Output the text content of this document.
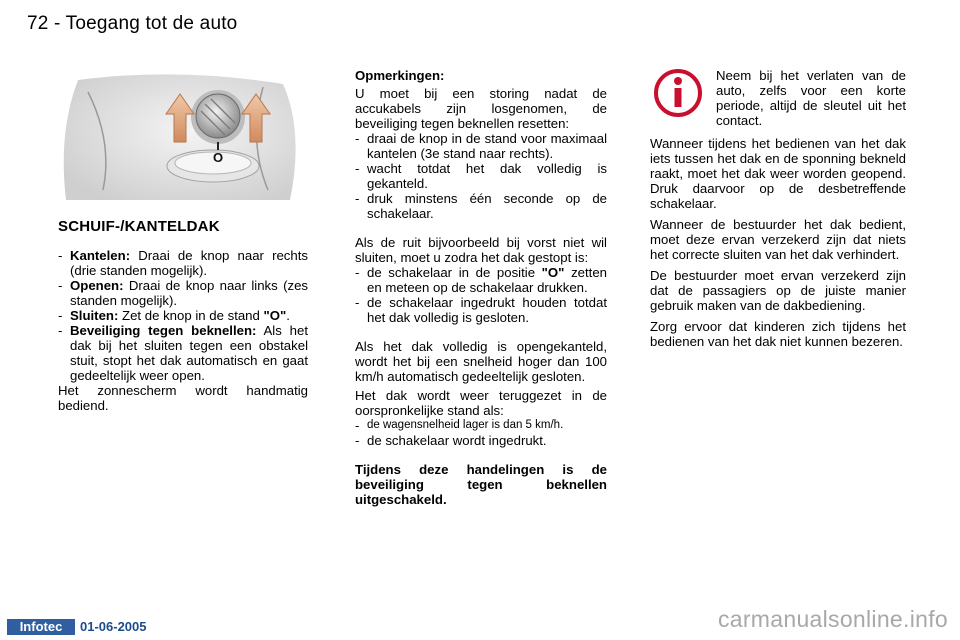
72 - Toegang tot de auto
O
SCHUIF-/KANTELDAK
- Kantelen: Draai de knop naar rechts (drie standen mogelijk).
- Openen: Draai de knop naar links (zes standen mogelijk).
- Sluiten: Zet de knop in de stand "O".
- Beveiliging tegen beknellen: Als het dak bij het sluiten tegen een obstakel stuit, stopt het dak automatisch en gaat gedeeltelijk weer open.

Het zonnescherm wordt handmatig bediend.

Opmerkingen:

U moet bij een storing nadat de accukabels zijn losgenomen, de beveiliging tegen beknellen resetten:

- draai de knop in de stand voor maximaal kantelen (3e stand naar rechts).
- wacht totdat het dak volledig is gekanteld.
- druk minstens één seconde op de schakelaar.

Als de ruit bijvoorbeeld bij vorst niet wil sluiten, moet u zodra het dak gestopt is:

- de schakelaar in de positie "O" zetten en meteen op de schakelaar drukken.
- de schakelaar ingedrukt houden totdat het dak volledig is gesloten.

Als het dak volledig is opengekanteld, wordt het bij een snelheid hoger dan 100 km/h automatisch gedeeltelijk gesloten.

Het dak wordt weer teruggezet in de oorspronkelijke stand als:

- de wagensnelheid lager is dan 5 km/h.
- de schakelaar wordt ingedrukt.

Tijdens deze handelingen is de beveiliging tegen beknellen uitgeschakeld.

Neem bij het verlaten van de auto, zelfs voor een korte periode, altijd de sleutel uit het contact.

Wanneer tijdens het bedienen van het dak iets tussen het dak en de sponning bekneld raakt, moet het dak weer worden geopend. Druk daarvoor op de desbetreffende schakelaar.

Wanneer de bestuurder het dak bedient, moet deze ervan verzekerd zijn dat niets het correcte sluiten van het dak verhindert.

De bestuurder moet ervan verzekerd zijn dat de passagiers op de juiste manier gebruik maken van de dakbediening.

Zorg ervoor dat kinderen zich tijdens het bedienen van het dak niet kunnen bezeren.

Infotec	01-06-2005	carmanualsonline.info
